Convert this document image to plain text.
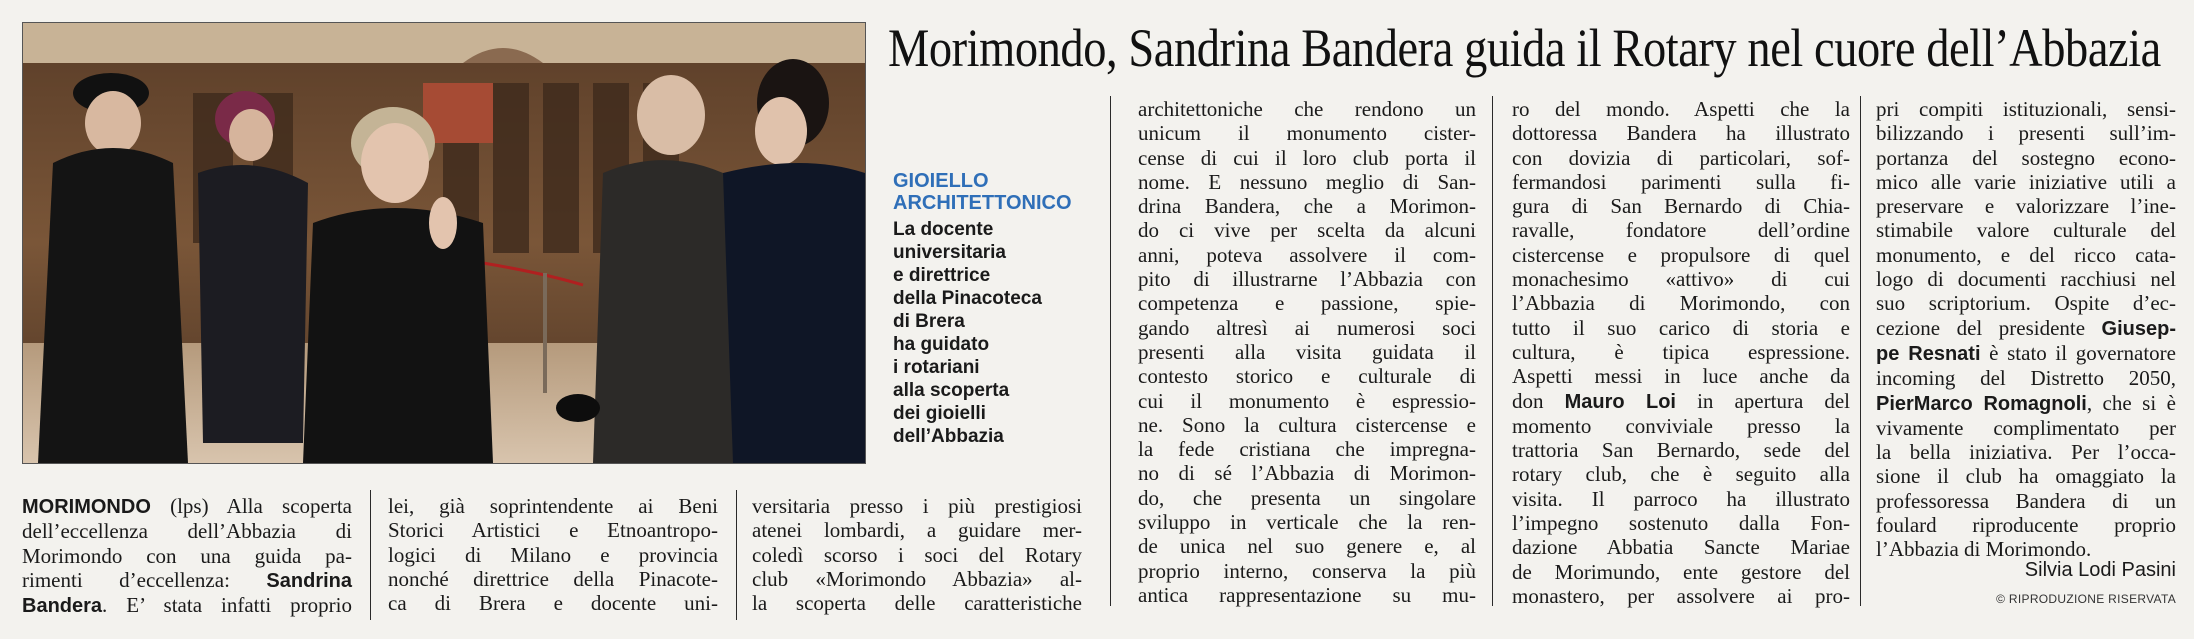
Morimondo, Sandrina Bandera guida il Rotary nel cuore dell’Abbazia

GIOIELLO
ARCHITETTONICO

La docente

universitaria

e direttrice

della Pinacoteca

di Brera

ha guidato

i rotariani

alla scoperta

dei gioielli

dell’Abbazia

MORIMONDO (lps) Alla scoperta

dell’eccellenza dell’Abbazia di

Morimondo con una guida pa-

rimenti d’eccellenza: Sandrina

Bandera. E’ stata infatti proprio

lei, già soprintendente ai Beni

Storici Artistici e Etnoantropo-

logici di Milano e provincia

nonché direttrice della Pinacote-

ca di Brera e docente uni-

versitaria presso i più prestigiosi

atenei lombardi, a guidare mer-

coledì scorso i soci del Rotary

club «Morimondo Abbazia» al-

la scoperta delle caratteristiche

architettoniche che rendono un

unicum il monumento cister-

cense di cui il loro club porta il

nome. E nessuno meglio di San-

drina Bandera, che a Morimon-

do ci vive per scelta da alcuni

anni, poteva assolvere il com-

pito di illustrarne l’Abbazia con

competenza e passione, spie-

gando altresì ai numerosi soci

presenti alla visita guidata il

contesto storico e culturale di

cui il monumento è espressio-

ne. Sono la cultura cistercense e

la fede cristiana che impregna-

no di sé l’Abbazia di Morimon-

do, che presenta un singolare

sviluppo in verticale che la ren-

de unica nel suo genere e, al

proprio interno, conserva la più

antica rappresentazione su mu-

ro del mondo. Aspetti che la

dottoressa Bandera ha illustrato

con dovizia di particolari, sof-

fermandosi parimenti sulla fi-

gura di San Bernardo di Chia-

ravalle, fondatore dell’ordine

cistercense e propulsore di quel

monachesimo «attivo» di cui

l’Abbazia di Morimondo, con

tutto il suo carico di storia e

cultura, è tipica espressione.

Aspetti messi in luce anche da

don Mauro Loi in apertura del

momento conviviale presso la

trattoria San Bernardo, sede del

rotary club, che è seguito alla

visita. Il parroco ha illustrato

l’impegno sostenuto dalla Fon-

dazione Abbatia Sancte Mariae

de Morimundo, ente gestore del

monastero, per assolvere ai pro-

pri compiti istituzionali, sensi-

bilizzando i presenti sull’im-

portanza del sostegno econo-

mico alle varie iniziative utili a

preservare e valorizzare l’ine-

stimabile valore culturale del

monumento, e del ricco cata-

logo di documenti racchiusi nel

suo scriptorium. Ospite d’ec-

cezione del presidente Giusep-

pe Resnati è stato il governatore

incoming del Distretto 2050,

PierMarco Romagnoli, che si è

vivamente complimentato per

la bella iniziativa. Per l’occa-

sione il club ha omaggiato la

professoressa Bandera di un

foulard riproducente proprio

l’Abbazia di Morimondo.

Silvia Lodi Pasini
© RIPRODUZIONE RISERVATA
